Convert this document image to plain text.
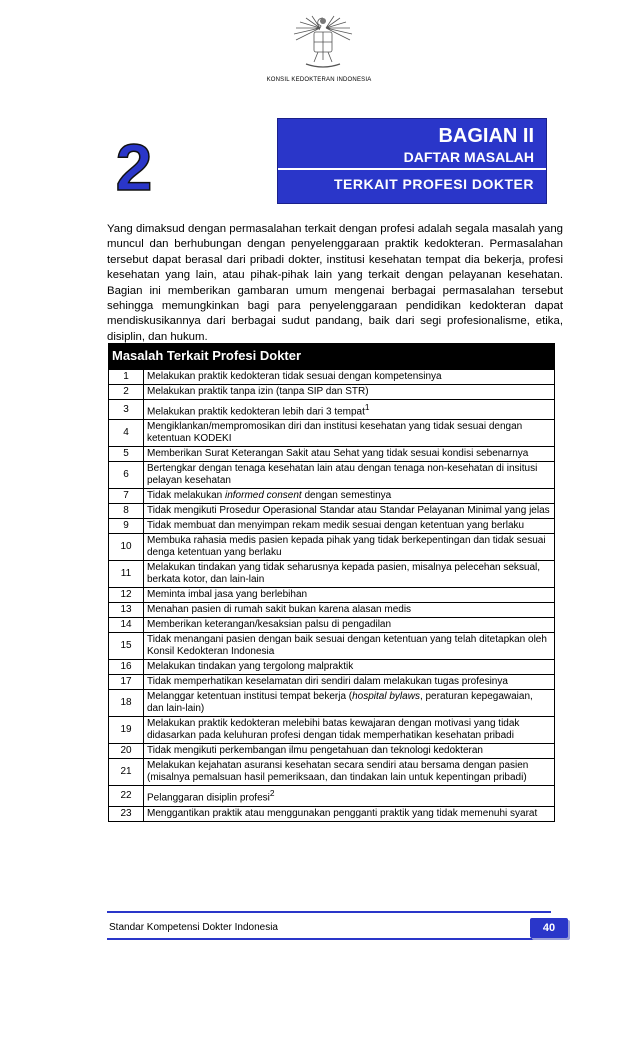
KONSIL KEDOKTERAN INDONESIA
2	BAGIAN II
DAFTAR MASALAH
TERKAIT PROFESI DOKTER
Yang dimaksud dengan permasalahan terkait dengan profesi adalah segala masalah yang muncul dan berhubungan dengan penyelenggaraan praktik kedokteran. Permasalahan tersebut dapat berasal dari pribadi dokter, institusi kesehatan tempat dia bekerja, profesi kesehatan yang lain, atau pihak-pihak lain yang terkait dengan pelayanan kesehatan. Bagian ini memberikan gambaran umum mengenai berbagai permasalahan tersebut sehingga memungkinkan bagi para penyelenggaraan pendidikan kedokteran dapat mendiskusikannya dari berbagai sudut pandang, baik dari segi profesionalisme, etika, disiplin, dan hukum.
Masalah Terkait Profesi Dokter
1	Melakukan praktik kedokteran tidak sesuai dengan kompetensinya
2	Melakukan praktik tanpa izin (tanpa SIP dan STR)
3	Melakukan praktik kedokteran lebih dari 3 tempat$^1$
4	Mengiklankan/mempromosikan diri dan institusi kesehatan yang tidak sesuai dengan ketentuan KODEKI
5	Memberikan Surat Keterangan Sakit atau Sehat yang tidak sesuai kondisi sebenarnya
6	Bertengkar dengan tenaga kesehatan lain atau dengan tenaga non-kesehatan di insitusi pelayan kesehatan
7	Tidak melakukan informed consent dengan semestinya
8	Tidak mengikuti Prosedur Operasional Standar atau Standar Pelayanan Minimal yang jelas
9	Tidak membuat dan menyimpan rekam medik sesuai dengan ketentuan yang berlaku
10	Membuka rahasia medis pasien kepada pihak yang tidak berkepentingan dan tidak sesuai denga ketentuan yang berlaku
11	Melakukan tindakan yang tidak seharusnya kepada pasien, misalnya pelecehan seksual, berkata kotor, dan lain-lain
12	Meminta imbal jasa yang berlebihan
13	Menahan pasien di rumah sakit bukan karena alasan medis
14	Memberikan keterangan/kesaksian palsu di pengadilan
15	Tidak menangani pasien dengan baik sesuai dengan ketentuan yang telah ditetapkan oleh Konsil Kedokteran Indonesia
16	Melakukan tindakan yang tergolong malpraktik
17	Tidak memperhatikan keselamatan diri sendiri dalam melakukan tugas profesinya
18	Melanggar ketentuan institusi tempat bekerja (hospital bylaws, peraturan kepegawaian, dan lain-lain)
19	Melakukan praktik kedokteran melebihi batas kewajaran dengan motivasi yang tidak didasarkan pada keluhuran profesi dengan tidak memperhatikan kesehatan pribadi
20	Tidak mengikuti perkembangan ilmu pengetahuan dan teknologi kedokteran
21	Melakukan kejahatan asuransi kesehatan secara sendiri atau bersama dengan pasien (misalnya pemalsuan hasil pemeriksaan, dan tindakan lain untuk kepentingan pribadi)
22	Pelanggaran disiplin profesi$^2$
23	Menggantikan praktik atau menggunakan pengganti praktik yang tidak memenuhi syarat
Standar Kompetensi Dokter Indonesia	40
